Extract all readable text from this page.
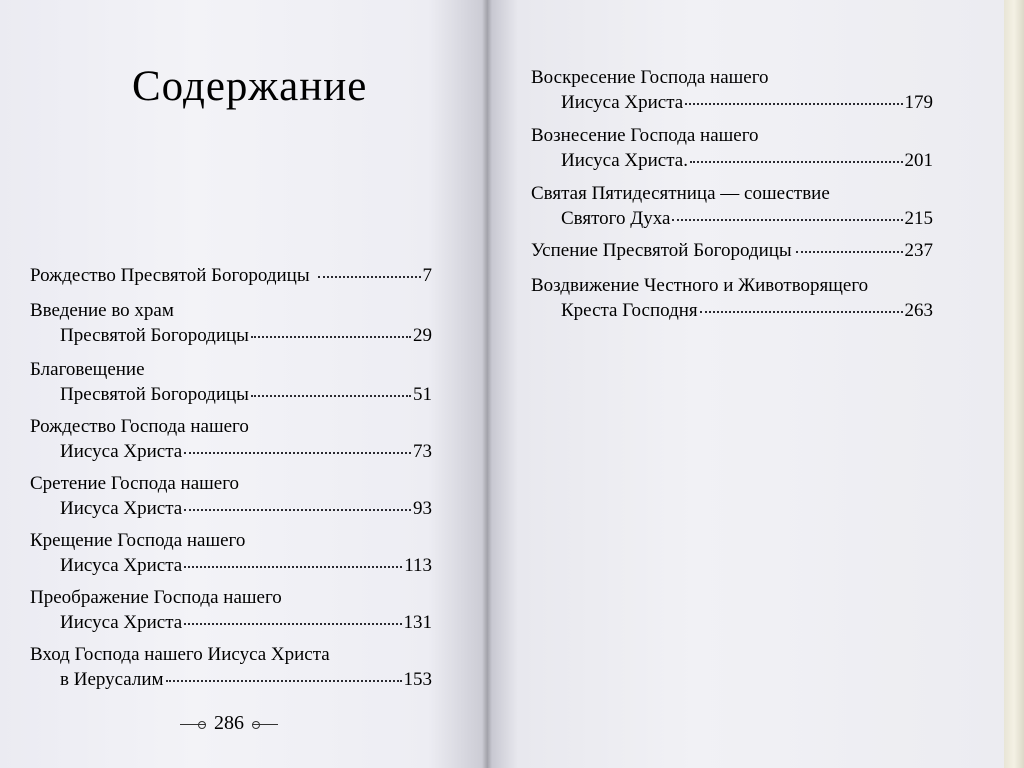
Содержание
Рождество Пресвятой Богородицы	7
Введение во храм
Пресвятой Богородицы	29
Благовещение
Пресвятой Богородицы	51
Рождество Господа нашего
Иисуса Христа	73
Сретение Господа нашего
Иисуса Христа	93
Крещение Господа нашего
Иисуса Христа	113
Преображение Господа нашего
Иисуса Христа	131
Вход Господа нашего Иисуса Христа
в Иерусалим	153
286
Воскресение Господа нашего
Иисуса Христа	179
Вознесение Господа нашего
Иисуса Христа.	201
Святая Пятидесятница — сошествие
Святого Духа	215
Успение Пресвятой Богородицы	237
Воздвижение Честного и Животворящего
Креста Господня	263
